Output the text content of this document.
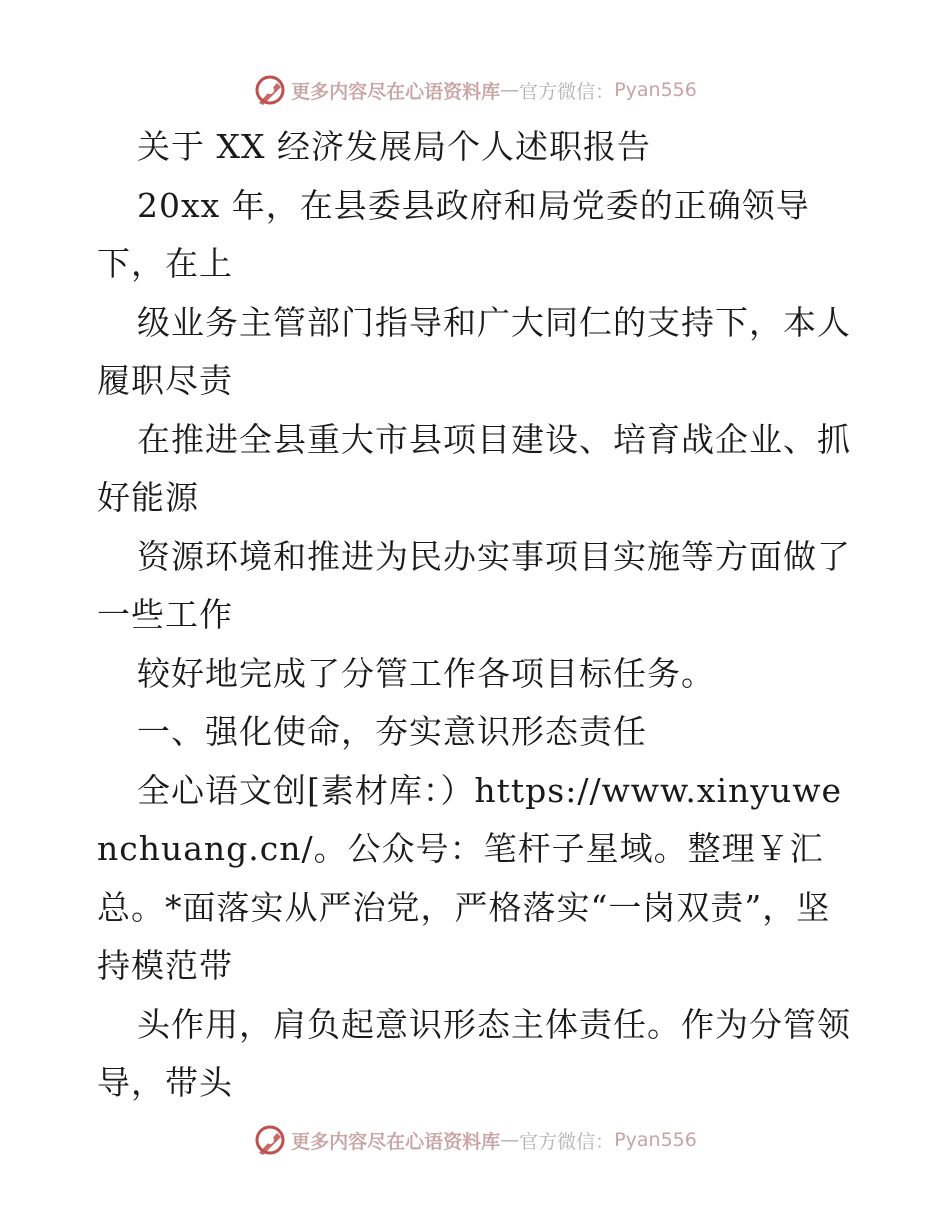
更多内容尽在心语资料库 — 官方微信： Pyan556

关于 XX 经济发展局个人述职报告

20xx 年，在县委县政府和局党委的正确领导下，在上

级业务主管部门指导和广大同仁的支持下，本人履职尽责

在推进全县重大市县项目建设、培育战企业、抓好能源

资源环境和推进为民办实事项目实施等方面做了一些工作

较好地完成了分管工作各项目标任务。

一、强化使命，夯实意识形态责任

全心语文创[素材库：）https://www.xinyuwenchuang.cn/。公众号：笔杆子星域。整理￥汇总。*面落实从严治党，严格落实“一岗双责”，坚持模范带

头作用，肩负起意识形态主体责任。作为分管领导，带头

更多内容尽在心语资料库 — 官方微信： Pyan556
